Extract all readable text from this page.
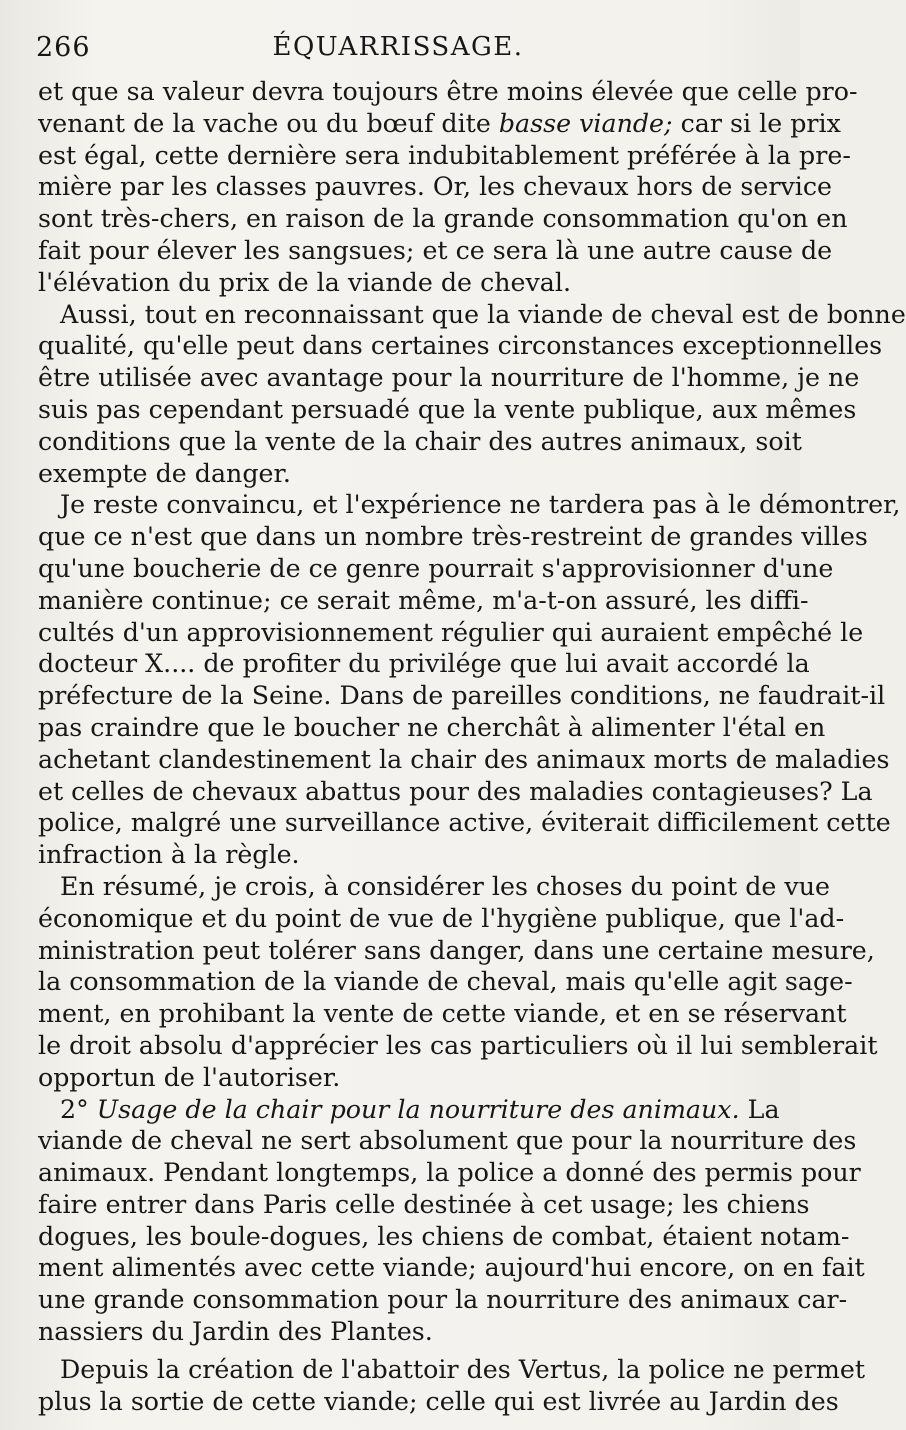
266	ÉQUARRISSAGE.

et que sa valeur devra toujours être moins élevée que celle pro-
venant de la vache ou du bœuf dite basse viande; car si le prix
est égal, cette dernière sera indubitablement préférée à la pre-
mière par les classes pauvres. Or, les chevaux hors de service
sont très-chers, en raison de la grande consommation qu'on en
fait pour élever les sangsues; et ce sera là une autre cause de
l'élévation du prix de la viande de cheval.

Aussi, tout en reconnaissant que la viande de cheval est de bonne
qualité, qu'elle peut dans certaines circonstances exceptionnelles
être utilisée avec avantage pour la nourriture de l'homme, je ne
suis pas cependant persuadé que la vente publique, aux mêmes
conditions que la vente de la chair des autres animaux, soit
exempte de danger.

Je reste convaincu, et l'expérience ne tardera pas à le démontrer,
que ce n'est que dans un nombre très-restreint de grandes villes
qu'une boucherie de ce genre pourrait s'approvisionner d'une
manière continue; ce serait même, m'a-t-on assuré, les diffi-
cultés d'un approvisionnement régulier qui auraient empêché le
docteur X.... de profiter du privilége que lui avait accordé la
préfecture de la Seine. Dans de pareilles conditions, ne faudrait-il
pas craindre que le boucher ne cherchât à alimenter l'étal en
achetant clandestinement la chair des animaux morts de maladies
et celles de chevaux abattus pour des maladies contagieuses? La
police, malgré une surveillance active, éviterait difficilement cette
infraction à la règle.

En résumé, je crois, à considérer les choses du point de vue
économique et du point de vue de l'hygiène publique, que l'ad-
ministration peut tolérer sans danger, dans une certaine mesure,
la consommation de la viande de cheval, mais qu'elle agit sage-
ment, en prohibant la vente de cette viande, et en se réservant
le droit absolu d'apprécier les cas particuliers où il lui semblerait
opportun de l'autoriser.

2° Usage de la chair pour la nourriture des animaux. La
viande de cheval ne sert absolument que pour la nourriture des
animaux. Pendant longtemps, la police a donné des permis pour
faire entrer dans Paris celle destinée à cet usage; les chiens
dogues, les boule-dogues, les chiens de combat, étaient notam-
ment alimentés avec cette viande; aujourd'hui encore, on en fait
une grande consommation pour la nourriture des animaux car-
nassiers du Jardin des Plantes.

Depuis la création de l'abattoir des Vertus, la police ne permet
plus la sortie de cette viande; celle qui est livrée au Jardin des
